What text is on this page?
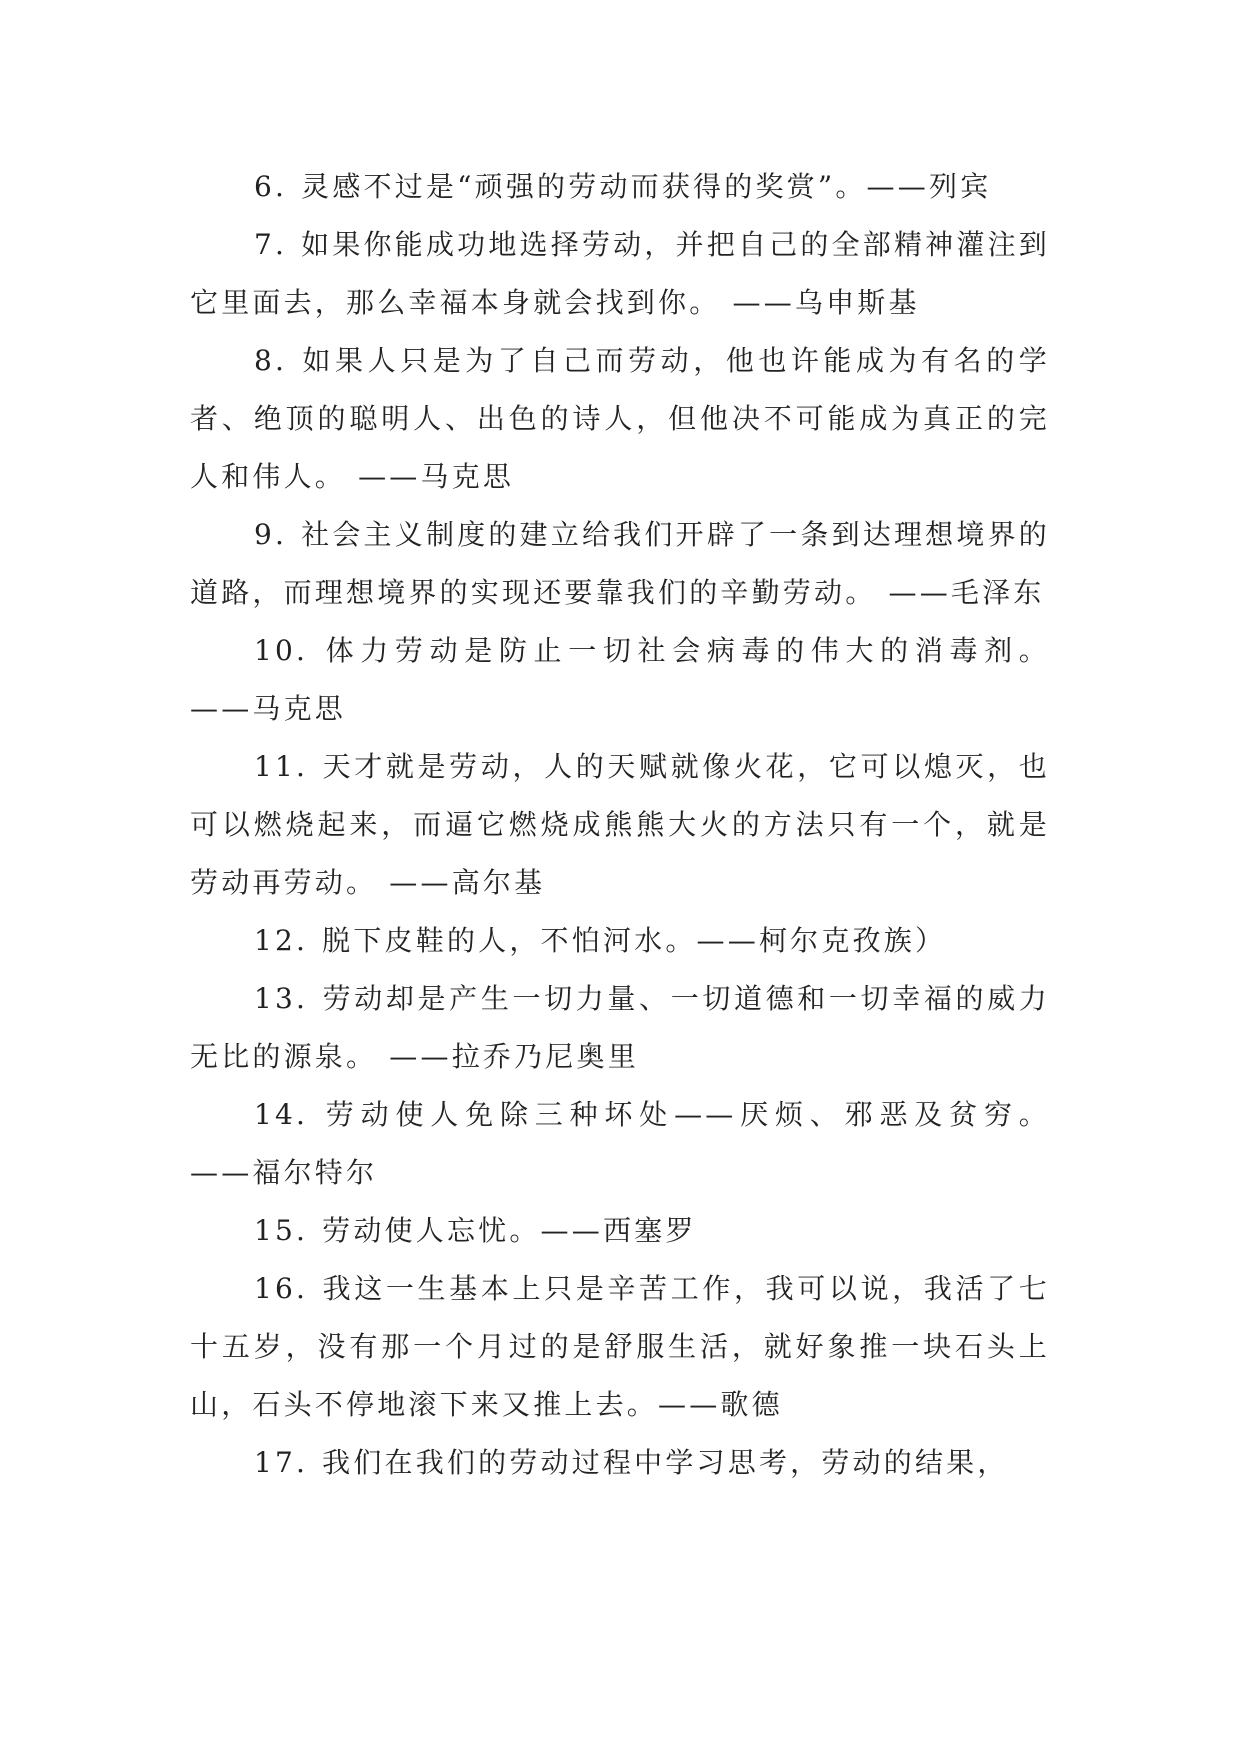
6. 灵感不过是“顽强的劳动而获得的奖赏”。——列宾

7. 如果你能成功地选择劳动，并把自己的全部精神灌注到它里面去，那么幸福本身就会找到你。 ——乌申斯基

8. 如果人只是为了自己而劳动，他也许能成为有名的学者、绝顶的聪明人、出色的诗人，但他决不可能成为真正的完人和伟人。 ——马克思

9. 社会主义制度的建立给我们开辟了一条到达理想境界的道路，而理想境界的实现还要靠我们的辛勤劳动。 ——毛泽东

10. 体力劳动是防止一切社会病毒的伟大的消毒剂。 ——马克思

11. 天才就是劳动，人的天赋就像火花，它可以熄灭，也可以燃烧起来，而逼它燃烧成熊熊大火的方法只有一个，就是劳动再劳动。 ——高尔基

12. 脱下皮鞋的人，不怕河水。——柯尔克孜族）

13. 劳动却是产生一切力量、一切道德和一切幸福的威力无比的源泉。 ——拉乔乃尼奥里

14. 劳动使人免除三种坏处——厌烦、邪恶及贫穷。 ——福尔特尔

15. 劳动使人忘忧。——西塞罗

16. 我这一生基本上只是辛苦工作，我可以说，我活了七十五岁，没有那一个月过的是舒服生活，就好象推一块石头上山，石头不停地滚下来又推上去。——歌德

17. 我们在我们的劳动过程中学习思考，劳动的结果，
